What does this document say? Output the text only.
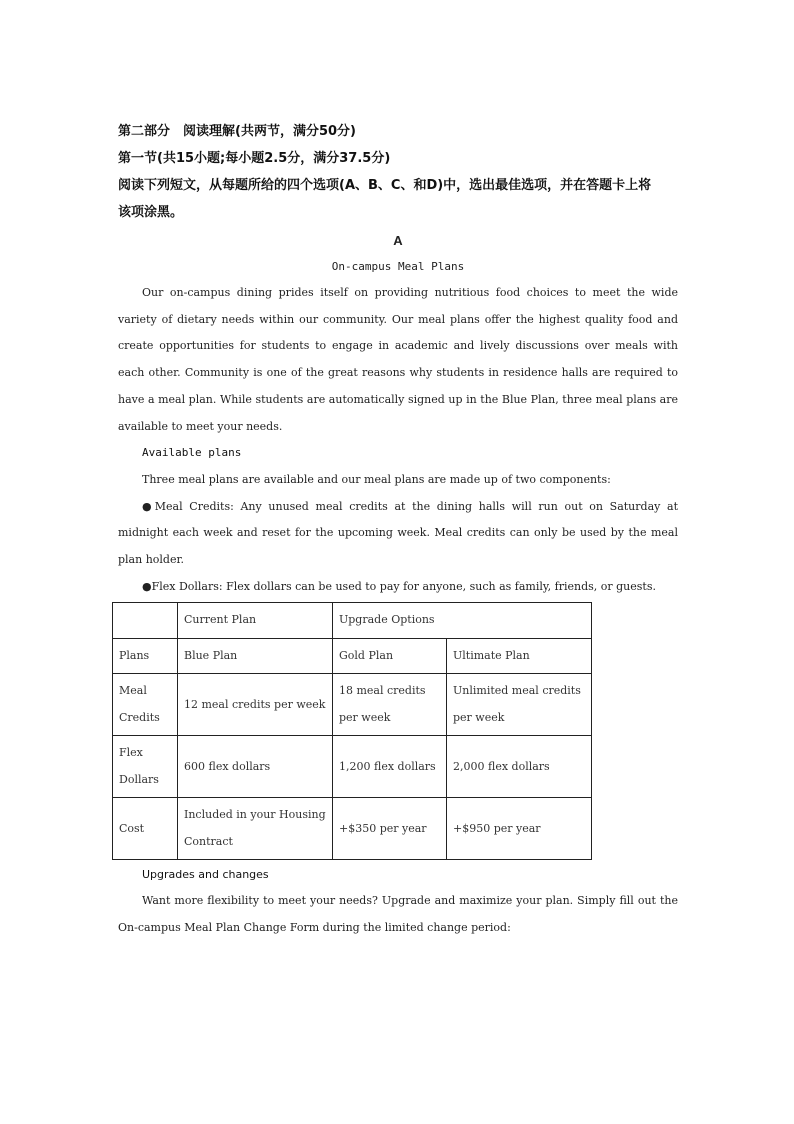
第二部分　阅读理解(共两节，满分50分)
第一节(共15小题;每小题2.5分，满分37.5分)
阅读下列短文，从每题所给的四个选项(A、B、C、和D)中，选出最佳选项，并在答题卡上将
该项涂黑。
A
On-campus Meal Plans

Our on-campus dining prides itself on providing nutritious food choices to meet the wide variety of dietary needs within our community. Our meal plans offer the highest quality food and create opportunities for students to engage in academic and lively discussions over meals with each other. Community is one of the great reasons why students in residence halls are required to have a meal plan. While students are automatically signed up in the Blue Plan, three meal plans are available to meet your needs.

Available plans

Three meal plans are available and our meal plans are made up of two components:

●Meal Credits: Any unused meal credits at the dining halls will run out on Saturday at midnight each week and reset for the upcoming week. Meal credits can only be used by the meal plan holder.

●Flex Dollars: Flex dollars can be used to pay for anyone, such as family, friends, or guests.

	Current Plan	Upgrade Options	
Plans	Blue Plan	Gold Plan	Ultimate Plan
Meal Credits	12 meal credits per week	18 meal credits per week	Unlimited meal credits per week
Flex Dollars	600 flex dollars	1,200 flex dollars	2,000 flex dollars
Cost	Included in your Housing Contract	+$350 per year	+$950 per year
Upgrades and changes

Want more flexibility to meet your needs? Upgrade and maximize your plan. Simply fill out the On-campus Meal Plan Change Form during the limited change period:
